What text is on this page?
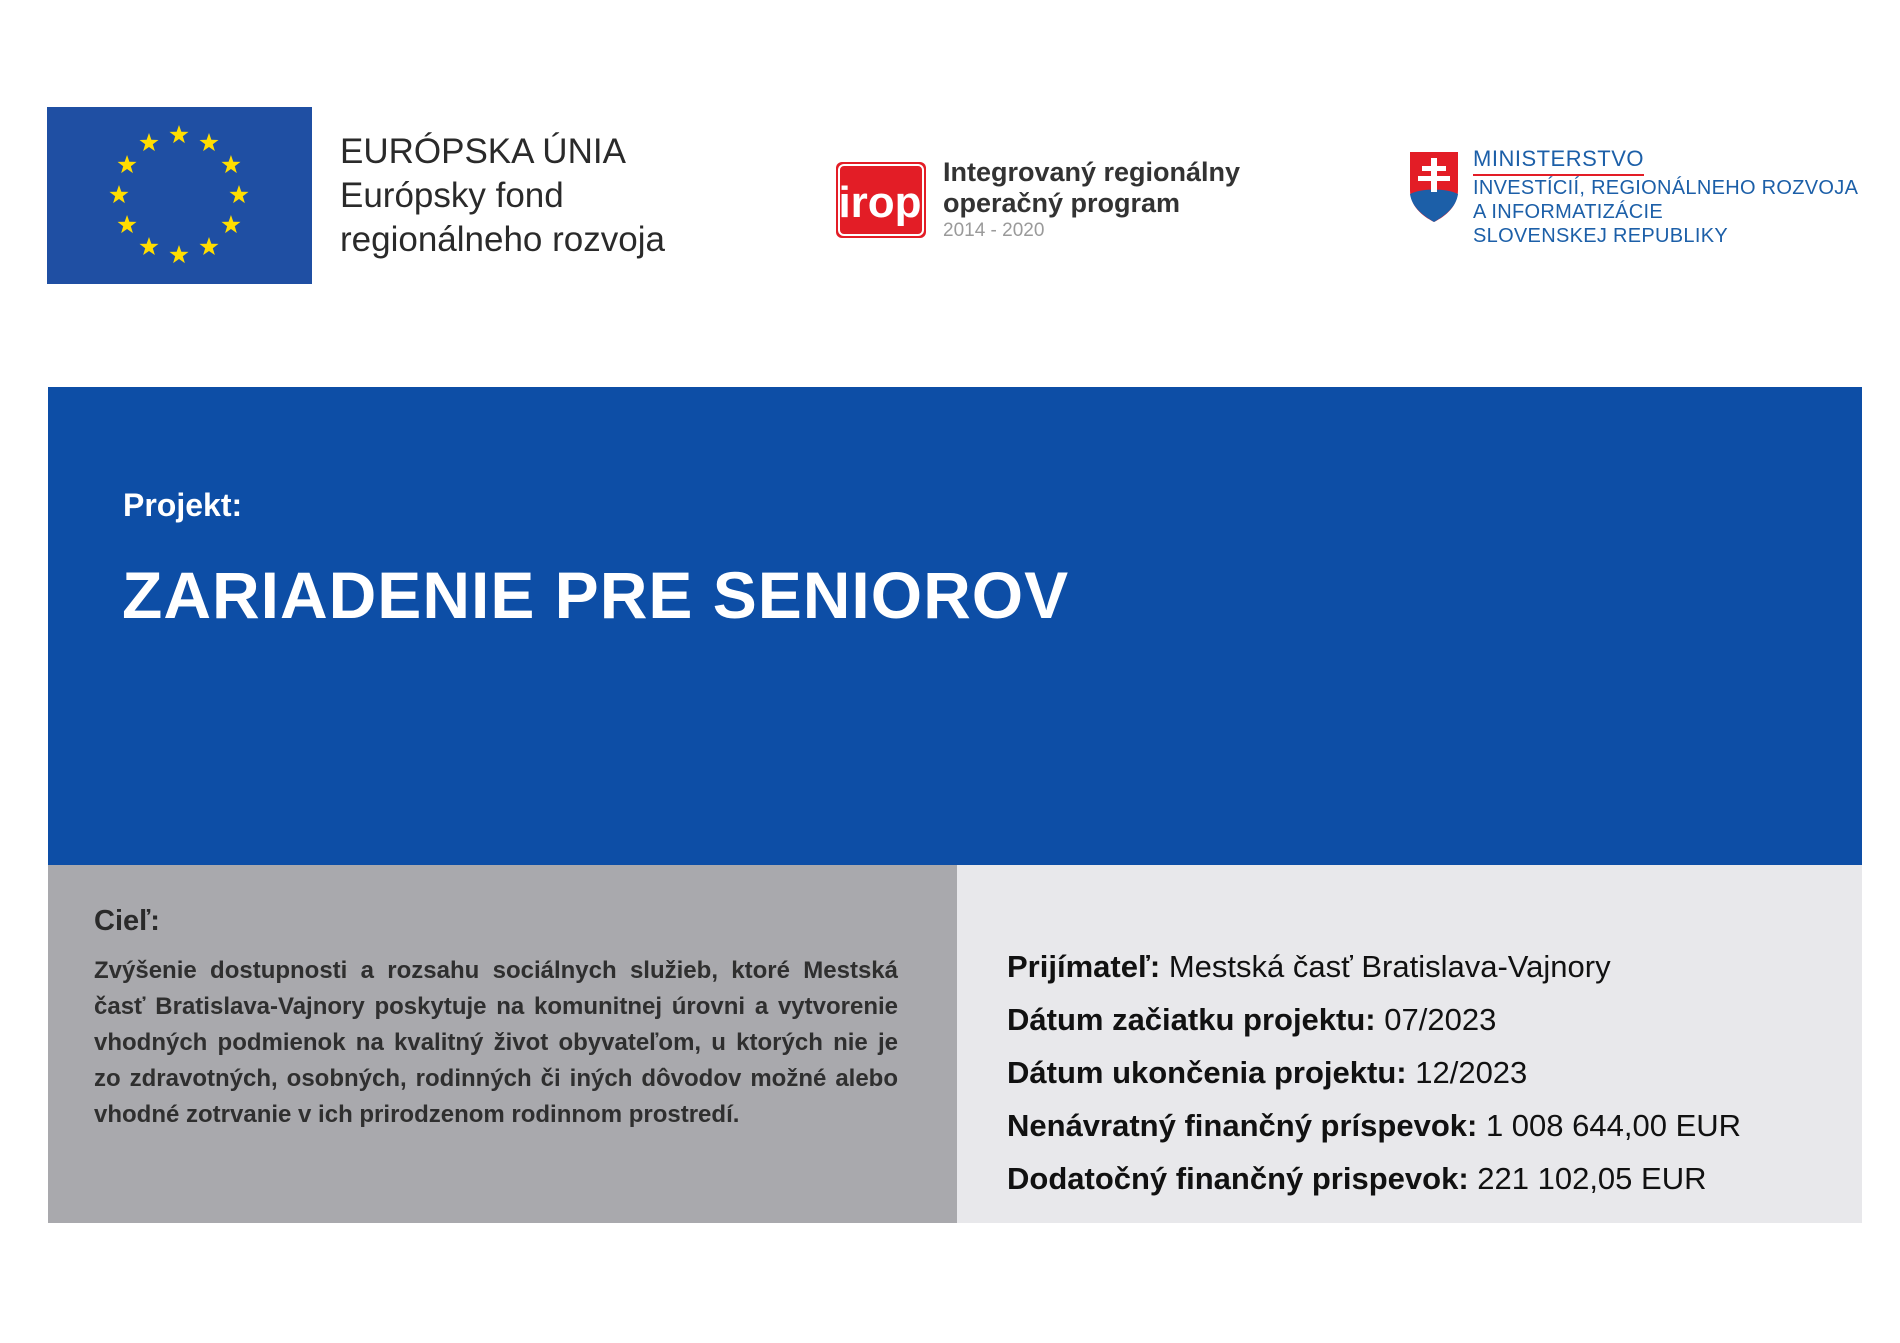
EURÓPSKA ÚNIA
Európsky fond
regionálneho rozvoja
irop
Integrovaný regionálny
operačný program
2014 - 2020
MINISTERSTVO
INVESTÍCIÍ, REGIONÁLNEHO ROZVOJA
A INFORMATIZÁCIE
SLOVENSKEJ REPUBLIKY
Projekt:
ZARIADENIE PRE SENIOROV
Cieľ:
Zvýšenie dostupnosti a rozsahu sociálnych služieb, ktoré Mestská časť Bratislava-Vajnory poskytuje na komunitnej úrovni a vytvorenie vhodných podmienok na kvalitný život obyvateľom, u ktorých nie je zo zdravotných, osobných, rodinných či iných dôvodov možné alebo vhodné zotrvanie v ich prirodzenom rodinnom prostredí.
Prijímateľ: Mestská časť Bratislava-Vajnory
Dátum začiatku projektu: 07/2023
Dátum ukončenia projektu: 12/2023
Nenávratný finančný príspevok: 1 008 644,00 EUR
Dodatočný finančný prispevok: 221 102,05 EUR
